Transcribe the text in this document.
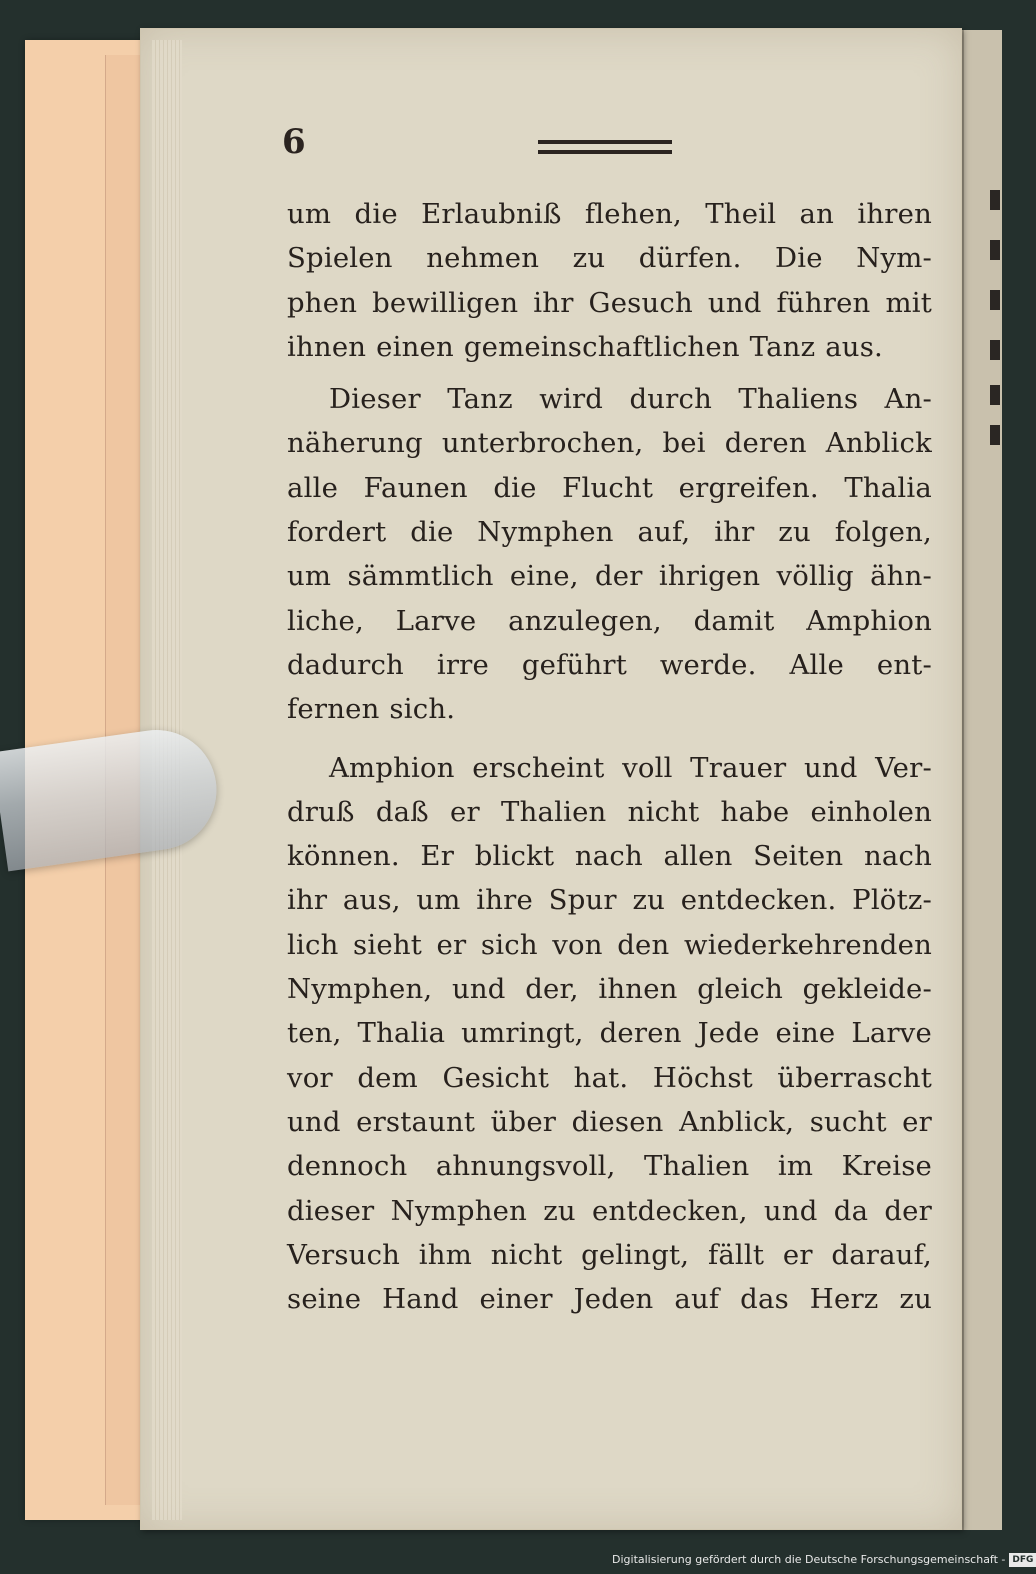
6
um die Erlaubniß flehen, Theil an ihren
Spielen nehmen zu dürfen. Die Nym-
phen bewilligen ihr Gesuch und führen mit
ihnen einen gemeinschaftlichen Tanz aus.
Dieser Tanz wird durch Thaliens An-
näherung unterbrochen, bei deren Anblick
alle Faunen die Flucht ergreifen. Thalia
fordert die Nymphen auf, ihr zu folgen,
um sämmtlich eine, der ihrigen völlig ähn-
liche, Larve anzulegen, damit Amphion
dadurch irre geführt werde. Alle ent-
fernen sich.
Amphion erscheint voll Trauer und Ver-
druß daß er Thalien nicht habe einholen
können. Er blickt nach allen Seiten nach
ihr aus, um ihre Spur zu entdecken. Plötz-
lich sieht er sich von den wiederkehrenden
Nymphen, und der, ihnen gleich gekleide-
ten, Thalia umringt, deren Jede eine Larve
vor dem Gesicht hat. Höchst überrascht
und erstaunt über diesen Anblick, sucht er
dennoch ahnungsvoll, Thalien im Kreise
dieser Nymphen zu entdecken, und da der
Versuch ihm nicht gelingt, fällt er darauf,
seine Hand einer Jeden auf das Herz zu
Digitalisierung gefördert durch die Deutsche Forschungsgemeinschaft - DFG
